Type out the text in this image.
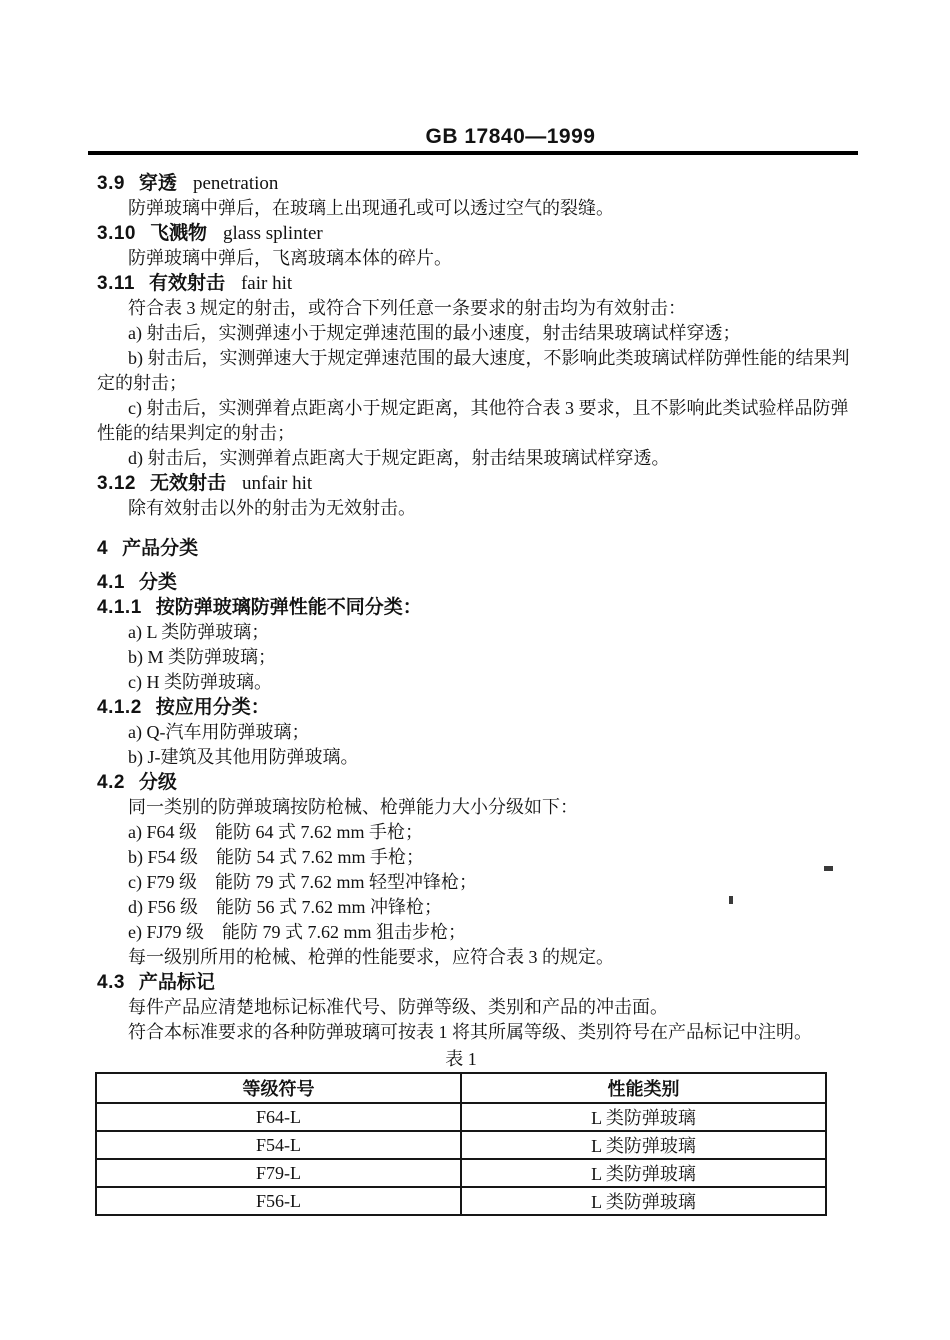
GB 17840—1999
3.9 穿透 penetration
防弹玻璃中弹后，在玻璃上出现通孔或可以透过空气的裂缝。
3.10 飞溅物 glass splinter
防弹玻璃中弹后，飞离玻璃本体的碎片。
3.11 有效射击 fair hit
符合表 3 规定的射击，或符合下列任意一条要求的射击均为有效射击：
a) 射击后，实测弹速小于规定弹速范围的最小速度，射击结果玻璃试样穿透；
b) 射击后，实测弹速大于规定弹速范围的最大速度，不影响此类玻璃试样防弹性能的结果判定的射击；
c) 射击后，实测弹着点距离小于规定距离，其他符合表 3 要求，且不影响此类试验样品防弹性能的结果判定的射击；
d) 射击后，实测弹着点距离大于规定距离，射击结果玻璃试样穿透。
3.12 无效射击 unfair hit
除有效射击以外的射击为无效射击。
4 产品分类
4.1 分类
4.1.1 按防弹玻璃防弹性能不同分类：
a) L 类防弹玻璃；
b) M 类防弹玻璃；
c) H 类防弹玻璃。
4.1.2 按应用分类：
a) Q-汽车用防弹玻璃；
b) J-建筑及其他用防弹玻璃。
4.2 分级
同一类别的防弹玻璃按防枪械、枪弹能力大小分级如下：
a) F64 级　能防 64 式 7.62 mm 手枪；
b) F54 级　能防 54 式 7.62 mm 手枪；
c) F79 级　能防 79 式 7.62 mm 轻型冲锋枪；
d) F56 级　能防 56 式 7.62 mm 冲锋枪；
e) FJ79 级　能防 79 式 7.62 mm 狙击步枪；
每一级别所用的枪械、枪弹的性能要求，应符合表 3 的规定。
4.3 产品标记
每件产品应清楚地标记标准代号、防弹等级、类别和产品的冲击面。
符合本标准要求的各种防弹玻璃可按表 1 将其所属等级、类别符号在产品标记中注明。
表 1
等级符号	性能类别
F64-L	L 类防弹玻璃
F54-L	L 类防弹玻璃
F79-L	L 类防弹玻璃
F56-L	L 类防弹玻璃
